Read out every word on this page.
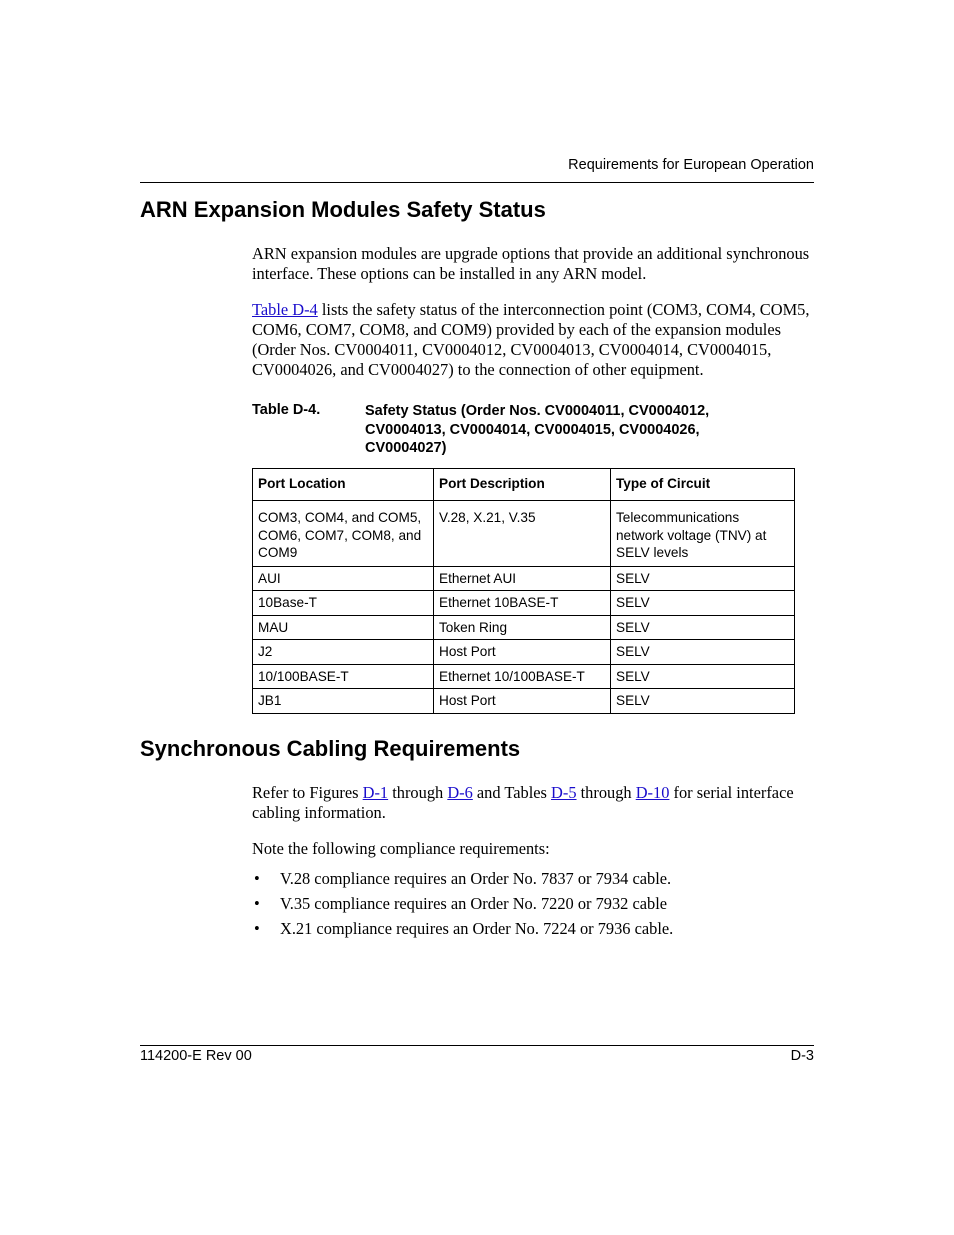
Requirements for European Operation
ARN Expansion Modules Safety Status

ARN expansion modules are upgrade options that provide an additional synchronous interface. These options can be installed in any ARN model.

Table D-4 lists the safety status of the interconnection point (COM3, COM4, COM5, COM6, COM7, COM8, and COM9) provided by each of the expansion modules (Order Nos. CV0004011, CV0004012, CV0004013, CV0004014, CV0004015, CV0004026, and CV0004027) to the connection of other equipment.

Table D-4.	Safety Status (Order Nos. CV0004011, CV0004012, CV0004013, CV0004014, CV0004015, CV0004026, CV0004027)
Port Location	Port Description	Type of Circuit
COM3, COM4, and COM5, COM6, COM7, COM8, and COM9	V.28, X.21, V.35	Telecommunications network voltage (TNV) at SELV levels
AUI	Ethernet AUI	SELV
10Base-T	Ethernet 10BASE-T	SELV
MAU	Token Ring	SELV
J2	Host Port	SELV
10/100BASE-T	Ethernet 10/100BASE-T	SELV
JB1	Host Port	SELV
Synchronous Cabling Requirements

Refer to Figures D-1 through D-6 and Tables D-5 through D-10 for serial interface cabling information.

Note the following compliance requirements:

• V.28 compliance requires an Order No. 7837 or 7934 cable.
• V.35 compliance requires an Order No. 7220 or 7932 cable
• X.21 compliance requires an Order No. 7224 or 7936 cable.
114200-E Rev 00	D-3
